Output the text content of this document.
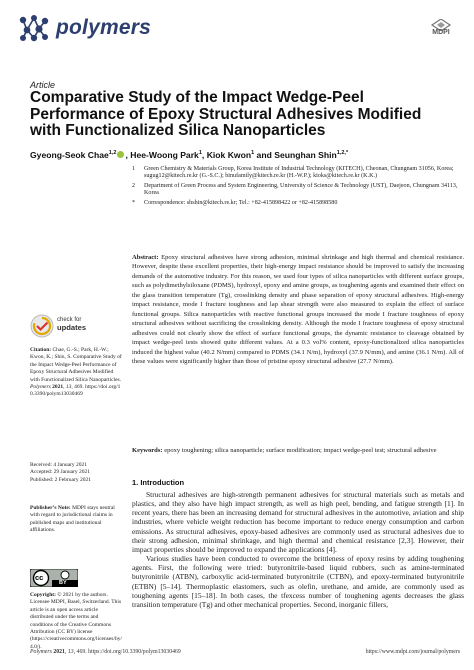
polymers	MDPI
Article
Comparative Study of the Impact Wedge-Peel Performance of Epoxy Structural Adhesives Modified with Functionalized Silica Nanoparticles
Gyeong-Seok Chae$^{1,2}$ , Hee-Woong Park$^1$, Kiok Kwon$^1$ and Seunghan Shin$^{1,2,*}$
1 Green Chemistry & Materials Group, Korea Institute of Industrial Technology (KITECH), Cheonan, Chungnam 31056, Korea; sugug12@kitech.re.kr (G.-S.C.); binufamily@kitech.re.kr (H.-W.P.); kioks@kitech.re.kr (K.K.)
2 Department of Green Process and System Engineering, University of Science & Technology (UST), Daejeon, Chungnam 34113, Korea
* Correspondence: shshin@kitech.re.kr; Tel.: +82-415898422 or +82-415898580
Abstract: Epoxy structural adhesives have strong adhesion, minimal shrinkage and high thermal and chemical resistance. However, despite these excellent properties, their high-energy impact resistance should be improved to satisfy the increasing demands of the automotive industry. For this reason, we used four types of silica nanoparticles with different surface groups, such as polydimethylsiloxane (PDMS), hydroxyl, epoxy and amine groups, as toughening agents and examined their effect on the glass transition temperature (Tg), crosslinking density and phase separation of epoxy structural adhesives. High-energy impact resistance, mode I fracture toughness and lap shear strength were also measured to explain the effect of surface functional groups. Silica nanoparticles with reactive functional groups increased the mode I fracture toughness of epoxy structural adhesives without sacrificing the crosslinking density. Although the mode I fracture toughness of epoxy structural adhesives could not clearly show the effect of surface functional groups, the dynamic resistance to cleavage obtained by impact wedge-peel tests showed quite different values. At a 0.3 vol% content, epoxy-functionalized silica nanoparticles induced the highest value (40.2 N/mm) compared to PDMS (34.1 N/m), hydroxyl (37.9 N/mm), and amine (36.1 N/m). All of these values were significantly higher than those of pristine epoxy structural adhesive (27.7 N/mm).
Keywords: epoxy toughening; silica nanoparticle; surface modification; impact wedge-peel test; structural adhesive
check for
updates
Citation: Chae, G.-S.; Park, H.-W.; Kwon, K.; Shin, S. Comparative Study of the Impact Wedge-Peel Performance of Epoxy Structural Adhesives Modified with Functionalized Silica Nanoparticles. Polymers 2021, 13, 469. https://doi.org/10.3390/polym13030469
Received: 4 January 2021
Accepted: 29 January 2021
Published: 2 February 2021
Publisher’s Note: MDPI stays neutral with regard to jurisdictional claims in published maps and institutional affiliations.
cc
BY
Copyright: © 2021 by the authors. Licensee MDPI, Basel, Switzerland. This article is an open access article distributed under the terms and conditions of the Creative Commons Attribution (CC BY) license (https://creativecommons.org/licenses/by/4.0/).
1. Introduction

Structural adhesives are high-strength permanent adhesives for structural materials such as metals and plastics, and they also have high impact strength, as well as high peel, bending, and fatigue strength [1]. In recent years, there has been an increasing demand for structural adhesives in the automotive, aviation and ship industries, where vehicle weight reduction has become important to reduce energy consumption and carbon emissions. As structural adhesives, epoxy-based adhesives are commonly used as structural adhesives due to their strong adhesion, minimal shrinkage, and high thermal and chemical resistance [2,3]. However, their impact properties should be improved to expand the applications [4].

Various studies have been conducted to overcome the brittleness of epoxy resins by adding toughening agents. First, the following were tried: butyronitrile-based liquid rubbers, such as amine-terminated butyronitrile (ATBN), carboxylic acid-terminated butyronitrile (CTBN), and epoxy-terminated butyronitrile (ETBN) [5–14]. Thermoplastic elastomers, such as olefin, urethane, and amide, are commonly used as toughening agents [15–18]. In both cases, the tfexcess number of toughening agents decreases the glass transition temperature (Tg) and other mechanical properties. Second, inorganic fillers,

Polymers 2021, 13, 469. https://doi.org/10.3390/polym13030469	https://www.mdpi.com/journal/polymers
